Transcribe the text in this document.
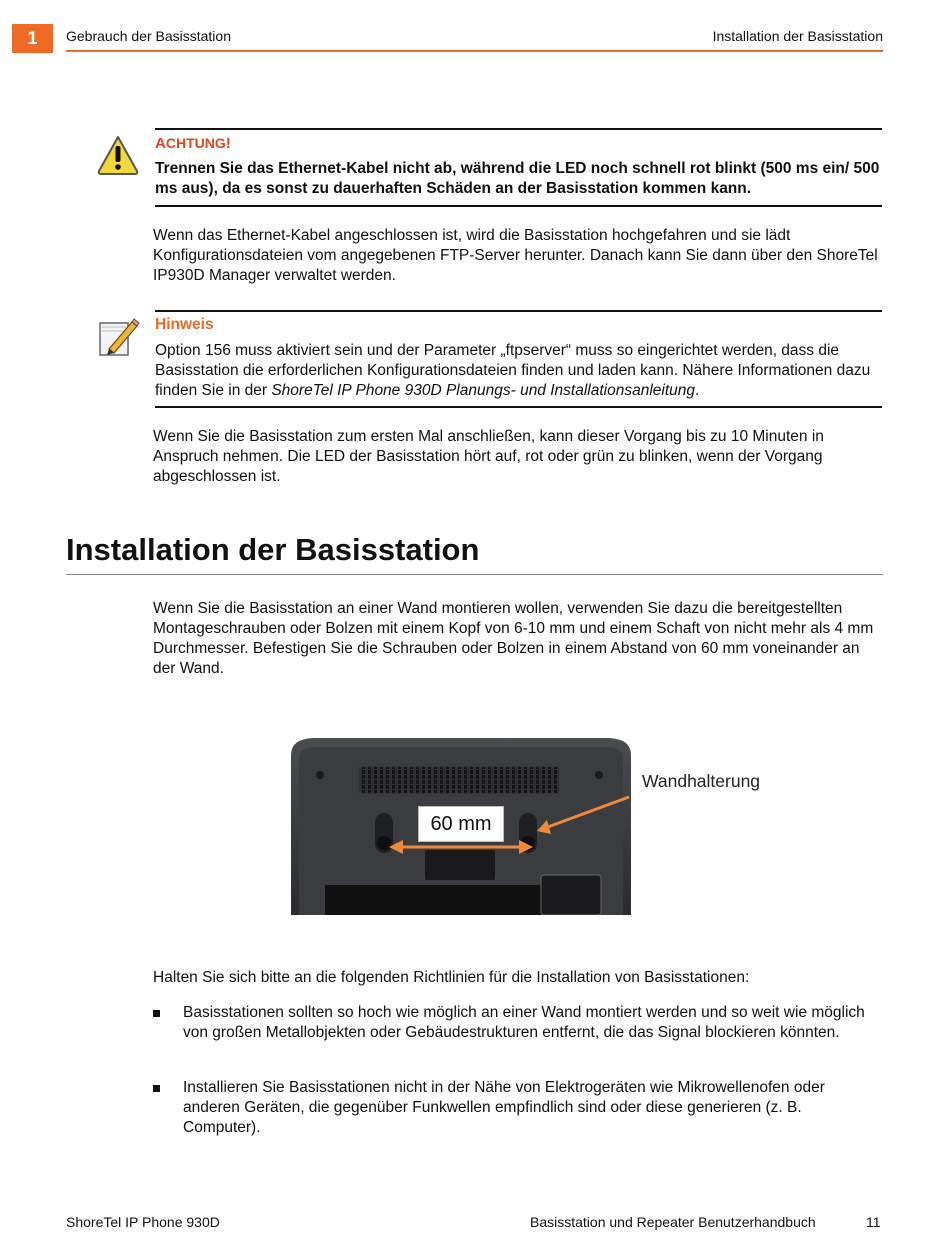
1	Gebrauch der Basisstation	Installation der Basisstation
ACHTUNG!
Trennen Sie das Ethernet-Kabel nicht ab, während die LED noch schnell rot blinkt (500 ms ein/ 500 ms aus), da es sonst zu dauerhaften Schäden an der Basisstation kommen kann.
Wenn das Ethernet-Kabel angeschlossen ist, wird die Basisstation hochgefahren und sie lädt Konfigurationsdateien vom angegebenen FTP-Server herunter. Danach kann Sie dann über den ShoreTel IP930D Manager verwaltet werden.
Hinweis
Option 156 muss aktiviert sein und der Parameter „ftpserver“ muss so eingerichtet werden, dass die Basisstation die erforderlichen Konfigurationsdateien finden und laden kann. Nähere Informationen dazu finden Sie in der ShoreTel IP Phone 930D Planungs- und Installationsanleitung.
Wenn Sie die Basisstation zum ersten Mal anschließen, kann dieser Vorgang bis zu 10 Minuten in Anspruch nehmen. Die LED der Basisstation hört auf, rot oder grün zu blinken, wenn der Vorgang abgeschlossen ist.
Installation der Basisstation
Wenn Sie die Basisstation an einer Wand montieren wollen, verwenden Sie dazu die bereitgestellten Montageschrauben oder Bolzen mit einem Kopf von 6-10 mm und einem Schaft von nicht mehr als 4 mm Durchmesser. Befestigen Sie die Schrauben oder Bolzen in einem Abstand von 60 mm voneinander an der Wand.
60 mm
Wandhalterung
Halten Sie sich bitte an die folgenden Richtlinien für die Installation von Basisstationen:
Basisstationen sollten so hoch wie möglich an einer Wand montiert werden und so weit wie möglich von großen Metallobjekten oder Gebäudestrukturen entfernt, die das Signal blockieren könnten.
Installieren Sie Basisstationen nicht in der Nähe von Elektrogeräten wie Mikrowellenofen oder anderen Geräten, die gegenüber Funkwellen empfindlich sind oder diese generieren (z. B. Computer).
ShoreTel IP Phone 930D	Basisstation und Repeater Benutzerhandbuch	11
